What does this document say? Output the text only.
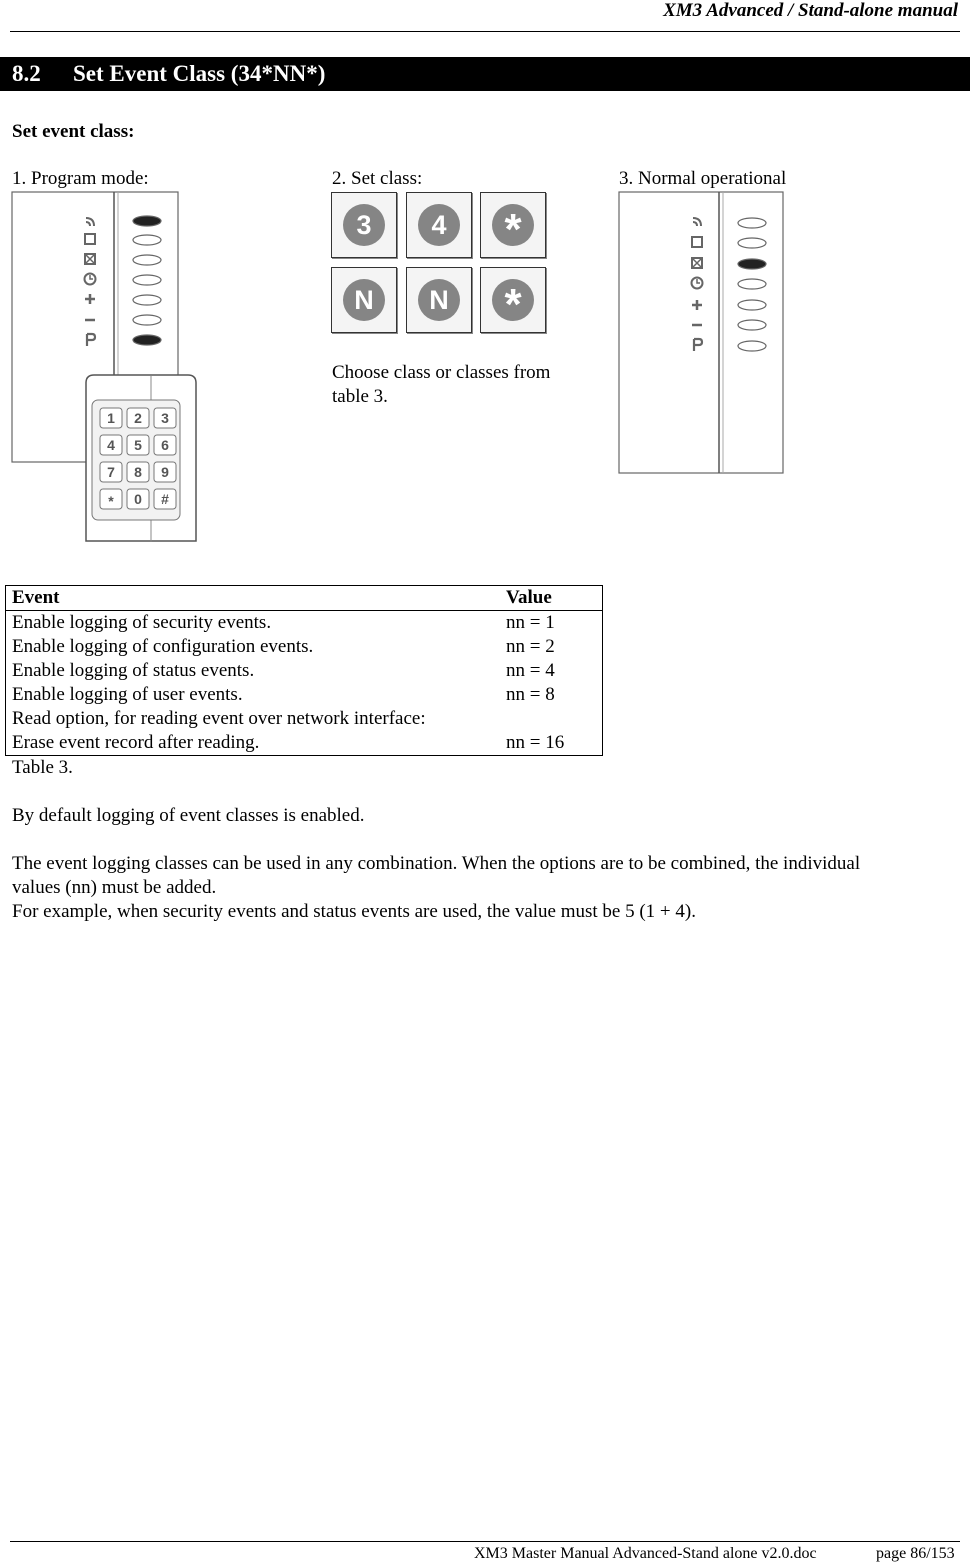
XM3 Advanced / Stand-alone manual
8.2 Set Event Class (34*NN*)
Set event class:
1. Program mode:	2. Set class:	3. Normal operational
1 2 3
4 5 6
7 8 9
* 0 #
3	4	*
N	N *
Choose class or classes from
table 3.
Event	Value
Enable logging of security events.	nn = 1
Enable logging of configuration events.	nn = 2
Enable logging of status events.	nn = 4
Enable logging of user events.	nn = 8
Read option, for reading event over network interface:	
Erase event record after reading.	nn = 16
Table 3.
By default logging of event classes is enabled.
The event logging classes can be used in any combination. When the options are to be combined, the individual
values (nn) must be added.
For example, when security events and status events are used, the value must be 5 (1 + 4).
XM3 Master Manual Advanced-Stand alone v2.0.doc	page 86/153
